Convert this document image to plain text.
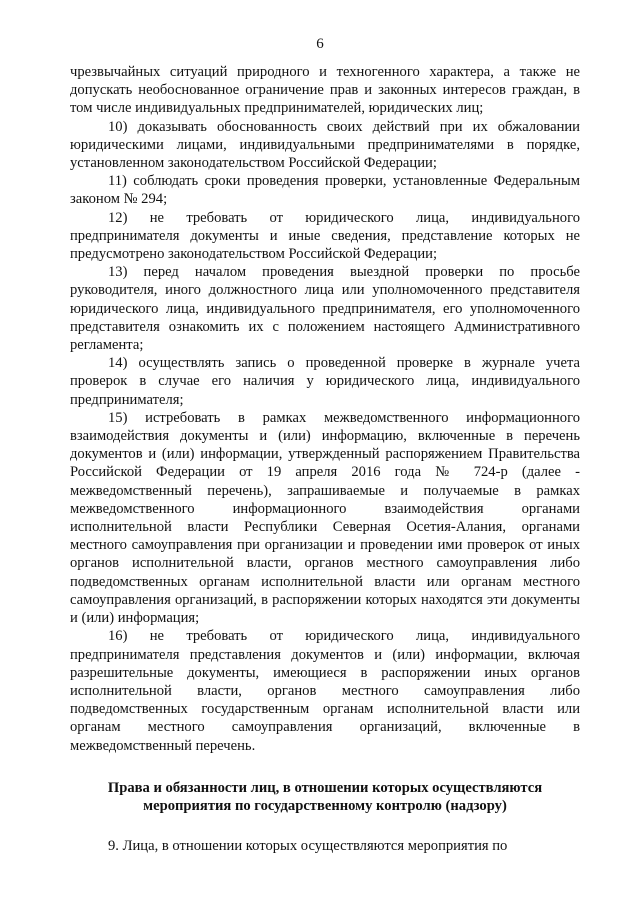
6

чрезвычайных ситуаций природного и техногенного характера, а также не допускать необоснованное ограничение прав и законных интересов граждан, в том числе индивидуальных предпринимателей, юридических лиц;

10) доказывать обоснованность своих действий при их обжаловании юридическими лицами, индивидуальными предпринимателями в порядке, установленном законодательством Российской Федерации;

11) соблюдать сроки проведения проверки, установленные Федеральным законом № 294;

12) не требовать от юридического лица, индивидуального предпринимателя документы и иные сведения, представление которых не предусмотрено законодательством Российской Федерации;

13) перед началом проведения выездной проверки по просьбе руководителя, иного должностного лица или уполномоченного представителя юридического лица, индивидуального предпринимателя, его уполномоченного представителя ознакомить их с положением настоящего Административного регламента;

14) осуществлять запись о проведенной проверке в журнале учета проверок в случае его наличия у юридического лица, индивидуального предпринимателя;

15) истребовать в рамках межведомственного информационного взаимодействия документы и (или) информацию, включенные в перечень документов и (или) информации, утвержденный распоряжением Правительства Российской Федерации от 19 апреля 2016 года № 724-р (далее - межведомственный перечень), запрашиваемые и получаемые в рамках межведомственного информационного взаимодействия органами исполнительной власти Республики Северная Осетия-Алания, органами местного самоуправления при организации и проведении ими проверок от иных органов исполнительной власти, органов местного самоуправления либо подведомственных органам исполнительной власти или органам местного самоуправления организаций, в распоряжении которых находятся эти документы и (или) информация;

16) не требовать от юридического лица, индивидуального предпринимателя представления документов и (или) информации, включая разрешительные документы, имеющиеся в распоряжении иных органов исполнительной власти, органов местного самоуправления либо подведомственных государственным органам исполнительной власти или органам местного самоуправления организаций, включенные в межведомственный перечень.

Права и обязанности лиц, в отношении которых осуществляются
мероприятия по государственному контролю (надзору)

9. Лица, в отношении которых осуществляются мероприятия по
